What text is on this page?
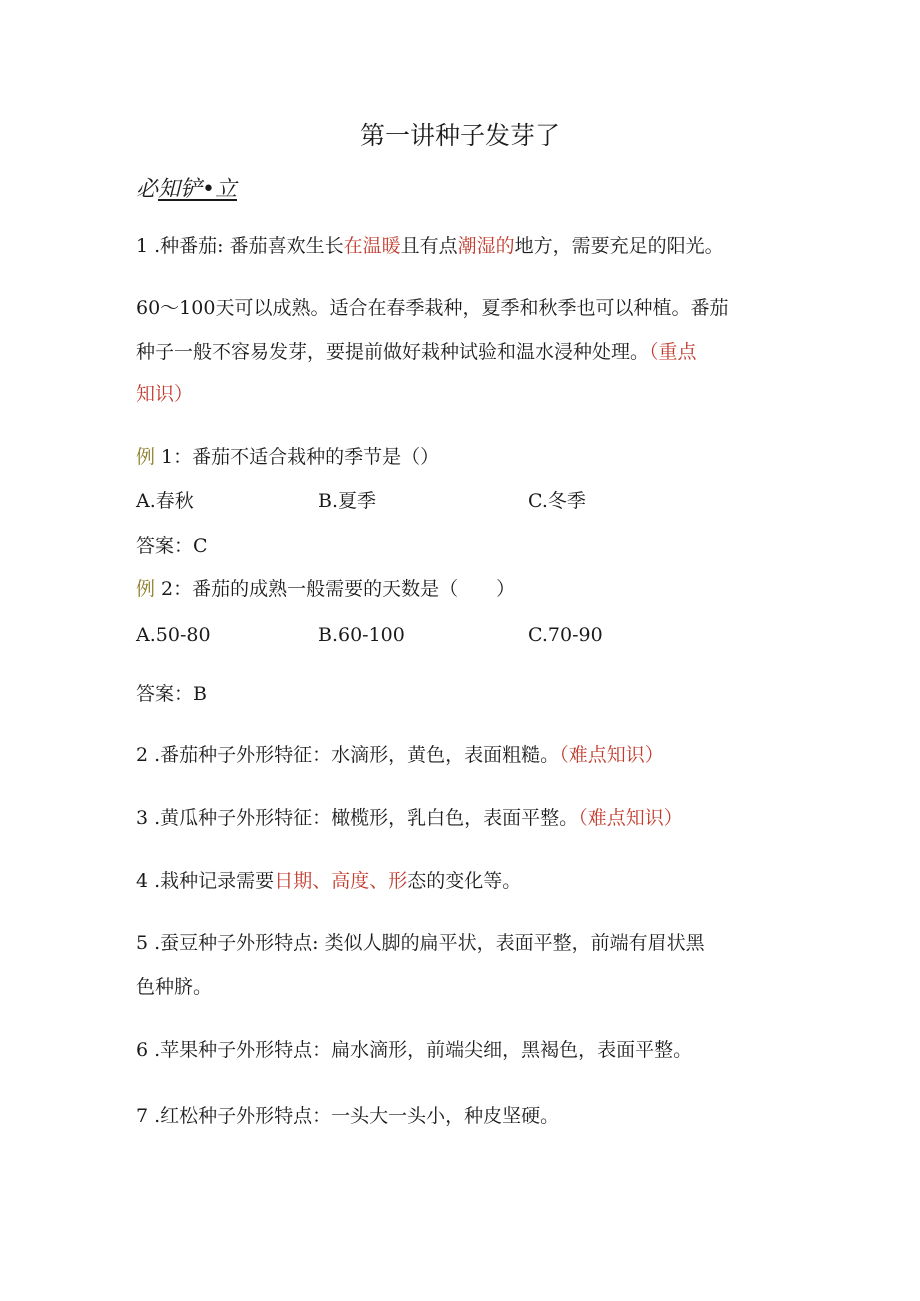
第一讲种子发芽了
必知铲•立
1 .种番茄: 番茄喜欢生长在温暖且有点潮湿的地方，需要充足的阳光。
60～100天可以成熟。适合在春季栽种，夏季和秋季也可以种植。番茄
种子一般不容易发芽，要提前做好栽种试验和温水浸种处理。（重点
知识）
例 1：番茄不适合栽种的季节是（）
A.春秋	B.夏季	C.冬季
答案：C
例 2：番茄的成熟一般需要的天数是（　　）
A.50-80	B.60-100	C.70-90
答案：B
2 .番茄种子外形特征：水滴形，黄色，表面粗糙。（难点知识）
3 .黄瓜种子外形特征：橄榄形，乳白色，表面平整。（难点知识）
4 .栽种记录需要日期、高度、形态的变化等。
5 .蚕豆种子外形特点: 类似人脚的扁平状，表面平整，前端有眉状黑
色种脐。
6 .苹果种子外形特点：扁水滴形，前端尖细，黑褐色，表面平整。
7 .红松种子外形特点：一头大一头小，种皮坚硬。
